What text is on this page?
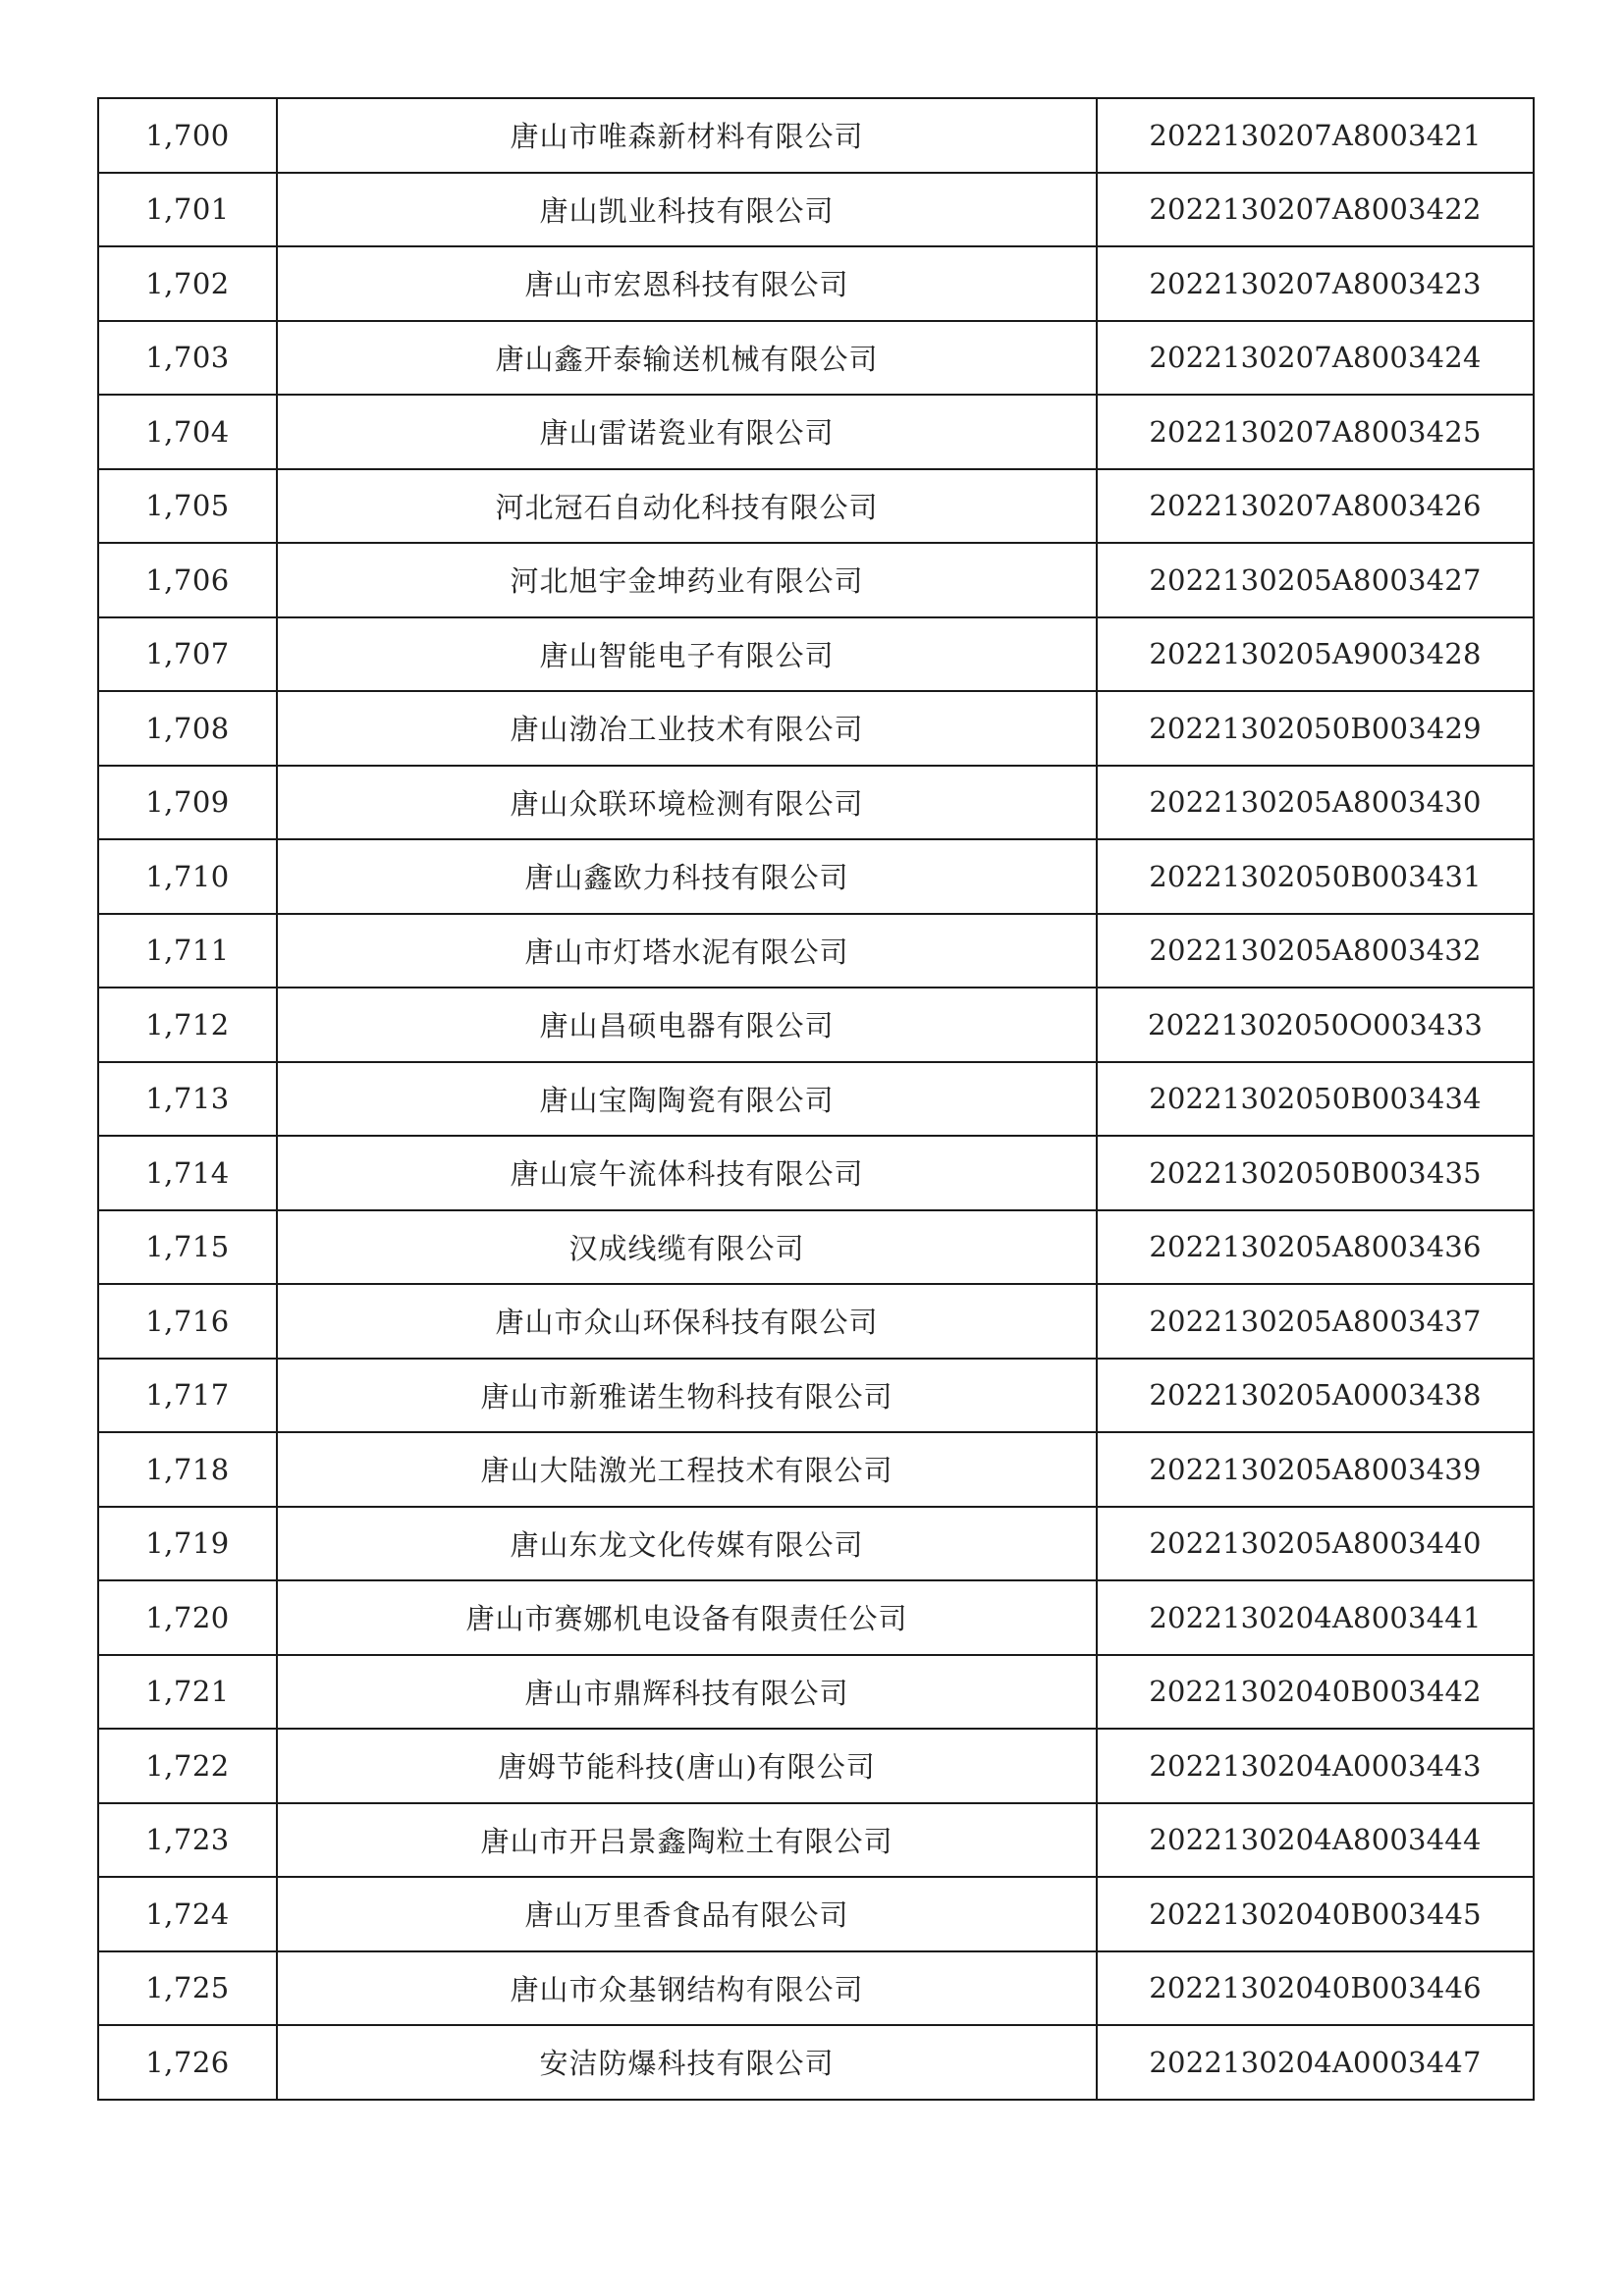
1,700	唐山市唯森新材料有限公司	2022130207A8003421
1,701	唐山凯业科技有限公司	2022130207A8003422
1,702	唐山市宏恩科技有限公司	2022130207A8003423
1,703	唐山鑫开泰输送机械有限公司	2022130207A8003424
1,704	唐山雷诺瓷业有限公司	2022130207A8003425
1,705	河北冠石自动化科技有限公司	2022130207A8003426
1,706	河北旭宇金坤药业有限公司	2022130205A8003427
1,707	唐山智能电子有限公司	2022130205A9003428
1,708	唐山渤冶工业技术有限公司	20221302050B003429
1,709	唐山众联环境检测有限公司	2022130205A8003430
1,710	唐山鑫欧力科技有限公司	20221302050B003431
1,711	唐山市灯塔水泥有限公司	2022130205A8003432
1,712	唐山昌硕电器有限公司	20221302050O003433
1,713	唐山宝陶陶瓷有限公司	20221302050B003434
1,714	唐山宸午流体科技有限公司	20221302050B003435
1,715	汉成线缆有限公司	2022130205A8003436
1,716	唐山市众山环保科技有限公司	2022130205A8003437
1,717	唐山市新雅诺生物科技有限公司	2022130205A0003438
1,718	唐山大陆激光工程技术有限公司	2022130205A8003439
1,719	唐山东龙文化传媒有限公司	2022130205A8003440
1,720	唐山市赛娜机电设备有限责任公司	2022130204A8003441
1,721	唐山市鼎辉科技有限公司	20221302040B003442
1,722	唐姆节能科技(唐山)有限公司	2022130204A0003443
1,723	唐山市开吕景鑫陶粒土有限公司	2022130204A8003444
1,724	唐山万里香食品有限公司	20221302040B003445
1,725	唐山市众基钢结构有限公司	20221302040B003446
1,726	安洁防爆科技有限公司	2022130204A0003447
